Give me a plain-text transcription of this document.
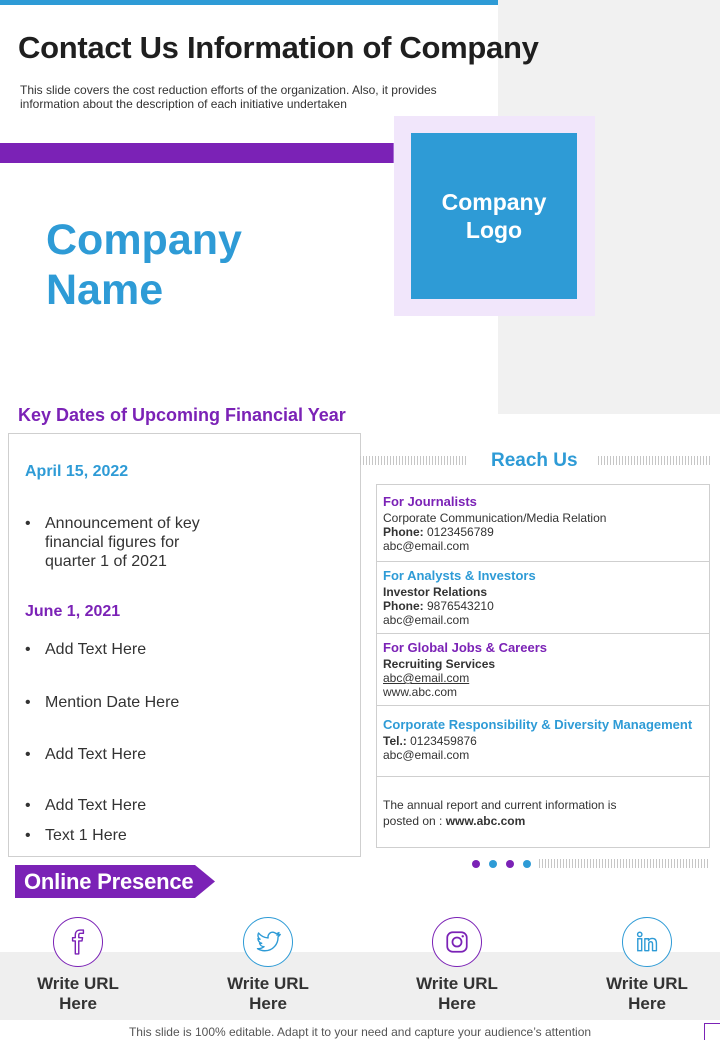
Contact Us Information of Company
This slide covers the cost reduction efforts of the organization. Also, it provides
information about the description of each initiative undertaken
Company
Logo
Company
Name
Key Dates of Upcoming Financial Year
April 15, 2022
• Announcement of key
financial figures for
quarter 1 of 2021
June 1, 2021
• Add Text Here
• Mention Date Here
• Add Text Here
• Add Text Here
• Text 1 Here
Reach Us
For Journalists
Corporate Communication/Media Relation
Phone: 0123456789
abc@email.com
For Analysts & Investors
Investor Relations
Phone: 9876543210
abc@email.com
For Global Jobs & Careers
Recruiting Services
abc@email.com
www.abc.com
Corporate Responsibility & Diversity Management
Tel.: 0123459876
abc@email.com
The annual report and current information is
posted on : www.abc.com
Online Presence
Write URL
Here
Write URL
Here
Write URL
Here
Write URL
Here
This slide is 100% editable. Adapt it to your need and capture your audience’s attention
